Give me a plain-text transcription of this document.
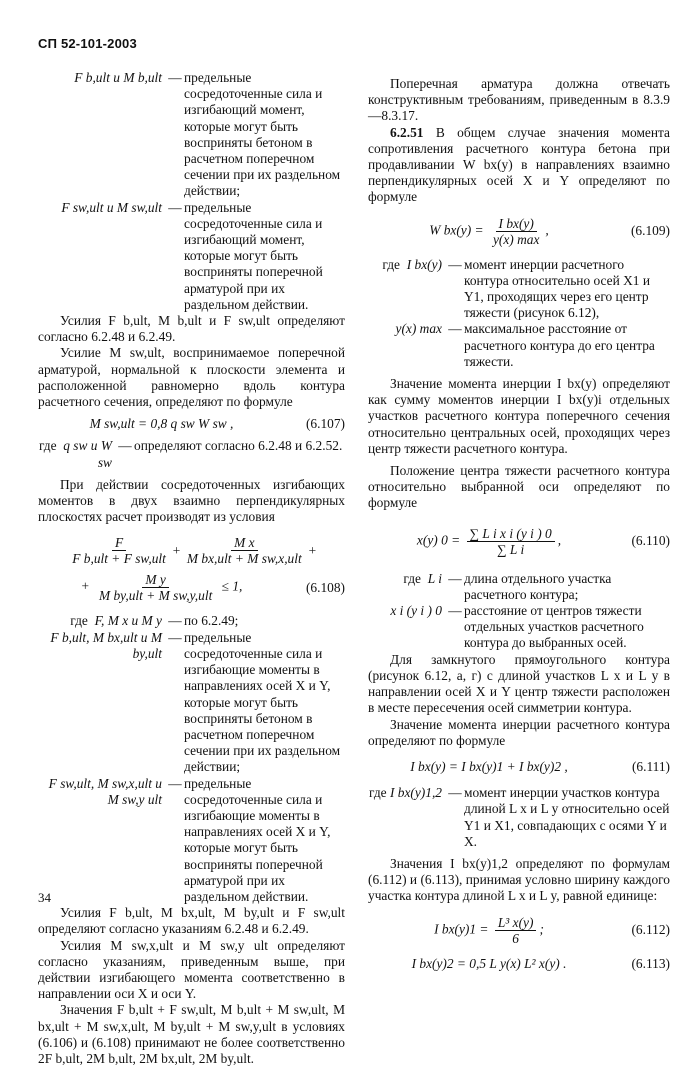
СП 52-101-2003
F b,ult и M b,ult — предельные сосредоточенные сила и изгибающий момент, которые могут быть восприняты бетоном в расчетном поперечном сечении при их раздельном действии;
F sw,ult и M sw,ult — предельные сосредоточенные сила и изгибающий момент, которые могут быть восприняты поперечной арматурой при их раздельном действии.

Усилия F b,ult, M b,ult и F sw,ult определяют согласно 6.2.48 и 6.2.49.

Усилие M sw,ult, воспринимаемое поперечной арматурой, нормальной к плоскости элемента и расположенной равномерно вдоль контура расчетного сечения, определяют по формуле

M sw,ult = 0,8 q sw W sw ,	(6.107)
где q sw и W sw
— определяют согласно 6.2.48 и 6.2.52.

При действии сосредоточенных изгибающих моментов в двух взаимно перпендикулярных плоскостях расчет производят из условия

$\frac{F}{\text{F b,ult + F sw,ult}} + \frac{\text{M x}}{\text{M bx,ult + M sw,x,ult}}$ +
+ $\frac{\text{M y}}{\text{M by,ult + M sw,y,ult}} \le 1$,	(6.108)
где F, M x и M y — по 6.2.49;
F b,ult, M bx,ult и M by,ult
— предельные сосредоточенные сила и изгибающие моменты в направлениях осей X и Y, которые могут быть восприняты бетоном в расчетном поперечном сечении при их раздельном действии;
F sw,ult, M sw,x,ult и M sw,y ult
— предельные сосредоточенные сила и изгибающие моменты в направлениях осей X и Y, которые могут быть восприняты поперечной арматурой при их раздельном действии.

Усилия F b,ult, M bx,ult, M by,ult и F sw,ult определяют согласно указаниям 6.2.48 и 6.2.49.

Усилия M sw,x,ult и M sw,y ult определяют согласно указаниям, приведенным выше, при действии изгибающего момента соответственно в направлении оси X и оси Y.

Значения F b,ult + F sw,ult, M b,ult + M sw,ult, M bx,ult + M sw,x,ult, M by,ult + M sw,y,ult в условиях (6.106) и (6.108) принимают не более соответственно 2F b,ult, 2M b,ult, 2M bx,ult, 2M by,ult.

Поперечная арматура должна отвечать конструктивным требованиям, приведенным в 8.3.9—8.3.17.

6.2.51 В общем случае значения момента сопротивления расчетного контура бетона при продавливании W bx(y) в направлениях взаимно перпендикулярных осей X и Y определяют по формуле

W $bx(y) = \frac{\text{I bx(y)}}{y(x) \max}$ ,	(6.109)
где I bx(y) — момент инерции расчетного контура относительно осей X1 и Y1, проходящих через его центр тяжести (рисунок 6.12),
y(x) max — максимальное расстояние от расчетного контура до его центра тяжести.

Значение момента инерции I bx(y) определяют как сумму моментов инерции I bx(y)i отдельных участков расчетного контура поперечного сечения относительно центральных осей, проходящих через центр тяжести расчетного контура.

Положение центра тяжести расчетного контура относительно выбранной оси определяют по формуле

x(y) $0 = \frac{\text{∑ L i x i (y i ) 0}}{\text{∑ L i}}$ ,	(6.110)
где L i — длина отдельного участка расчетного контура;
x i (y i ) 0 — расстояние от центров тяжести отдельных участков расчетного контура до выбранных осей.

Для замкнутого прямоугольного контура (рисунок 6.12, а, г) с длиной участков L x и L y в направлении осей X и Y центр тяжести расположен в месте пересечения осей симметрии контура.

Значение момента инерции расчетного контура определяют по формуле

I bx(y) = I bx(y)1 + I bx(y)2 ,	(6.111)
где I bx(y)1,2 — момент инерции участков контура длиной L x и L y относительно осей Y1 и X1, совпадающих с осями Y и X.

Значения I bx(y)1,2 определяют по формулам (6.112) и (6.113), принимая условно ширину каждого участка контура длиной L x и L y, равной единице:

I $bx(y)1 = \frac{\text{L³ x(y)}}{6}$ ;	(6.112)
I bx(y)2 = 0,5 L y(x) L² x(y) .	(6.113)
34
